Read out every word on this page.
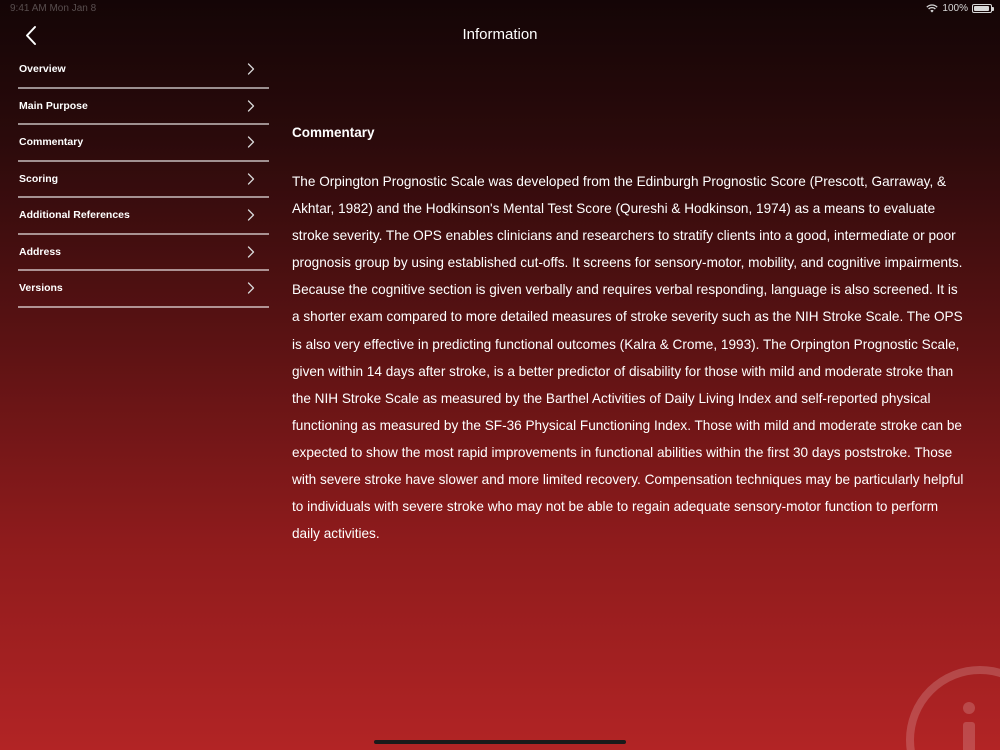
9:41 AM Mon Jan 8	100%
Information
Overview
Main Purpose
Commentary
Scoring
Additional References
Address
Versions
Commentary

The Orpington Prognostic Scale was developed from the Edinburgh Prognostic Score (Prescott, Garraway, & Akhtar, 1982) and the Hodkinson's Mental Test Score (Qureshi & Hodkinson, 1974) as a means to evaluate stroke severity. The OPS enables clinicians and researchers to stratify clients into a good, intermediate or poor prognosis group by using established cut-offs. It screens for sensory-motor, mobility, and cognitive impairments. Because the cognitive section is given verbally and requires verbal responding, language is also screened. It is a shorter exam compared to more detailed measures of stroke severity such as the NIH Stroke Scale. The OPS is also very effective in predicting functional outcomes (Kalra & Crome, 1993). The Orpington Prognostic Scale, given within 14 days after stroke, is a better predictor of disability for those with mild and moderate stroke than the NIH Stroke Scale as measured by the Barthel Activities of Daily Living Index and self-reported physical functioning as measured by the SF-36 Physical Functioning Index. Those with mild and moderate stroke can be expected to show the most rapid improvements in functional abilities within the first 30 days poststroke. Those with severe stroke have slower and more limited recovery. Compensation techniques may be particularly helpful to individuals with severe stroke who may not be able to regain adequate sensory-motor function to perform daily activities.
